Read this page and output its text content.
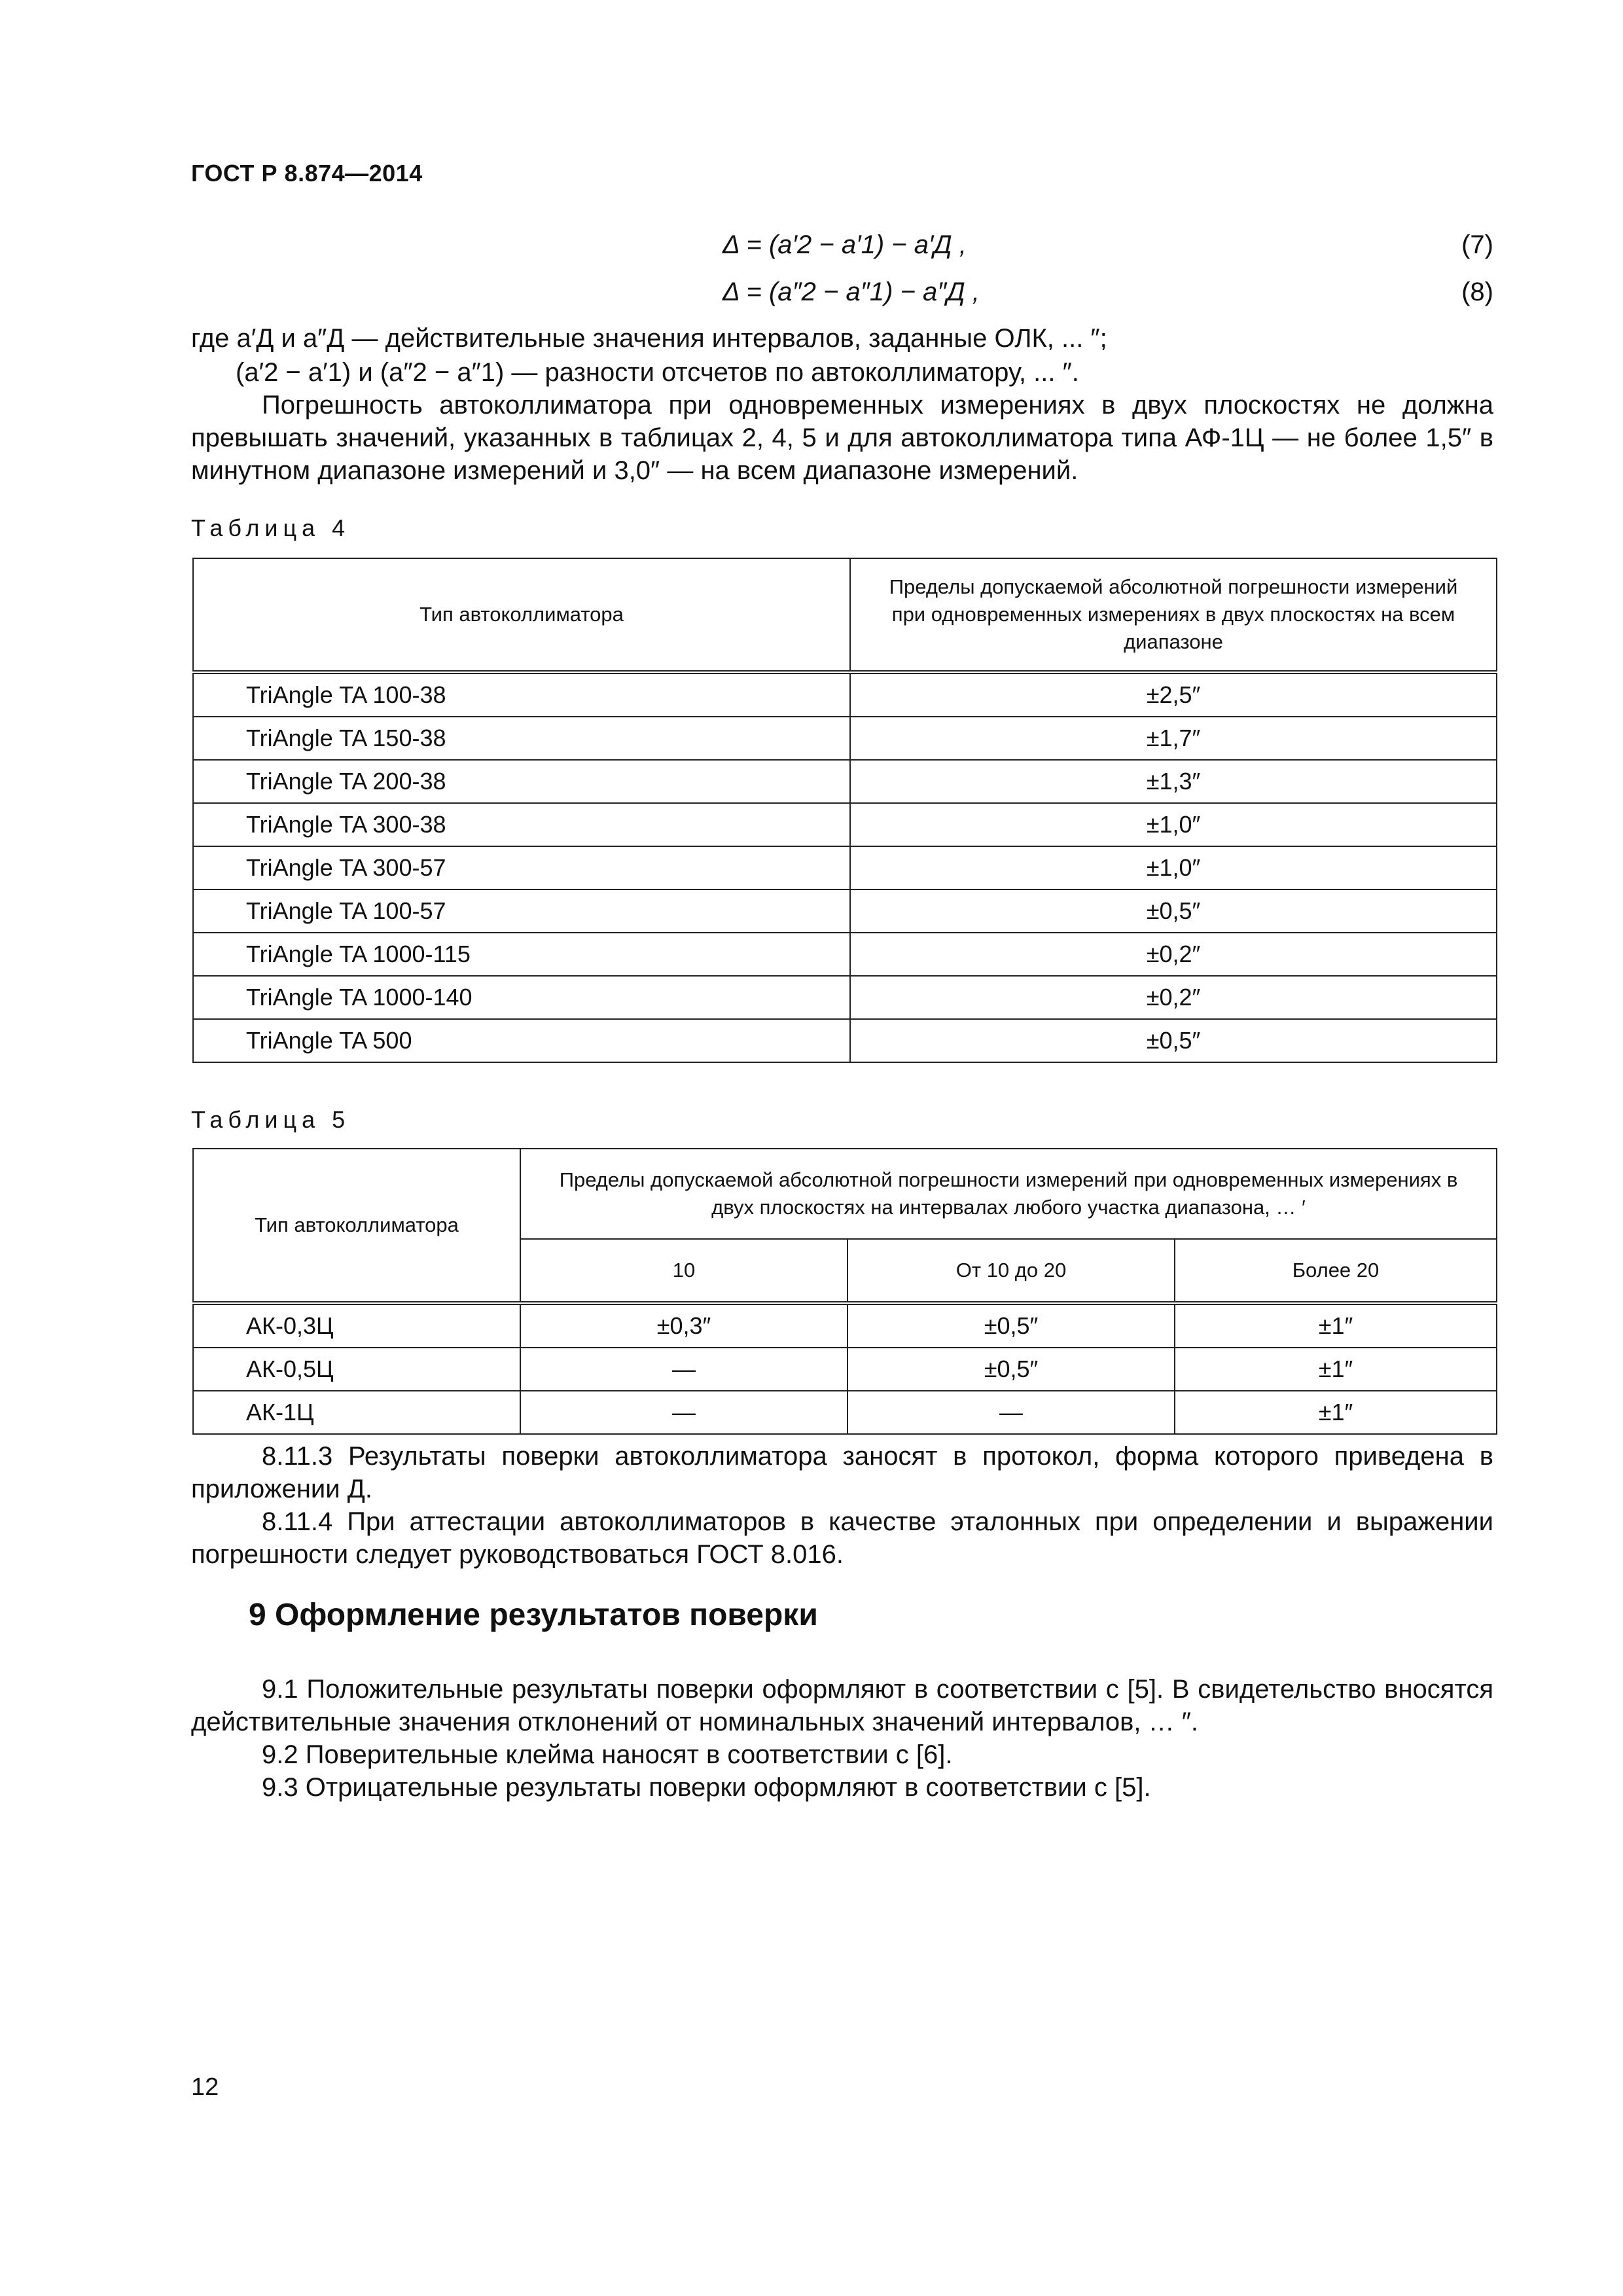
ГОСТ Р 8.874—2014
Δ = (a′2 − a′1) − a′Д ,	(7)
Δ = (a″2 − a″1) − a″Д ,	(8)
где a′Д и a″Д — действительные значения интервалов, заданные ОЛК, ... ″;
(a′2 − a′1) и (a″2 − a″1) — разности отсчетов по автоколлиматору, ... ″.
Погрешность автоколлиматора при одновременных измерениях в двух плоскостях не должна превышать значений, указанных в таблицах 2, 4, 5 и для автоколлиматора типа АФ-1Ц — не более 1,5″ в минутном диапазоне измерений и 3,0″ — на всем диапазоне измерений.
Таблица 4
Тип автоколлиматора	Пределы допускаемой абсолютной погрешности измерений при одновременных измерениях в двух плоскостях на всем диапазоне
TriAngle TA 100-38	±2,5″
TriAngle TA 150-38	±1,7″
TriAngle TA 200-38	±1,3″
TriAngle TA 300-38	±1,0″
TriAngle TA 300-57	±1,0″
TriAngle TA 100-57	±0,5″
TriAngle TA 1000-115	±0,2″
TriAngle TA 1000-140	±0,2″
TriAngle TA 500	±0,5″
Таблица 5
Тип автоколлиматора	Пределы допускаемой абсолютной погрешности измерений при одновременных измерениях в двух плоскостях на интервалах любого участка диапазона, … ′		
	10	От 10 до 20	Более 20
АК-0,3Ц	±0,3″	±0,5″	±1″
АК-0,5Ц	—	±0,5″	±1″
АК-1Ц	—	—	±1″
8.11.3 Результаты поверки автоколлиматора заносят в протокол, форма которого приведена в приложении Д.
8.11.4 При аттестации автоколлиматоров в качестве эталонных при определении и выражении погрешности следует руководствоваться ГОСТ 8.016.
9 Оформление результатов поверки
9.1 Положительные результаты поверки оформляют в соответствии с [5]. В свидетельство вносятся действительные значения отклонений от номинальных значений интервалов, … ″.
9.2 Поверительные клейма наносят в соответствии с [6].
9.3 Отрицательные результаты поверки оформляют в соответствии с [5].
12
